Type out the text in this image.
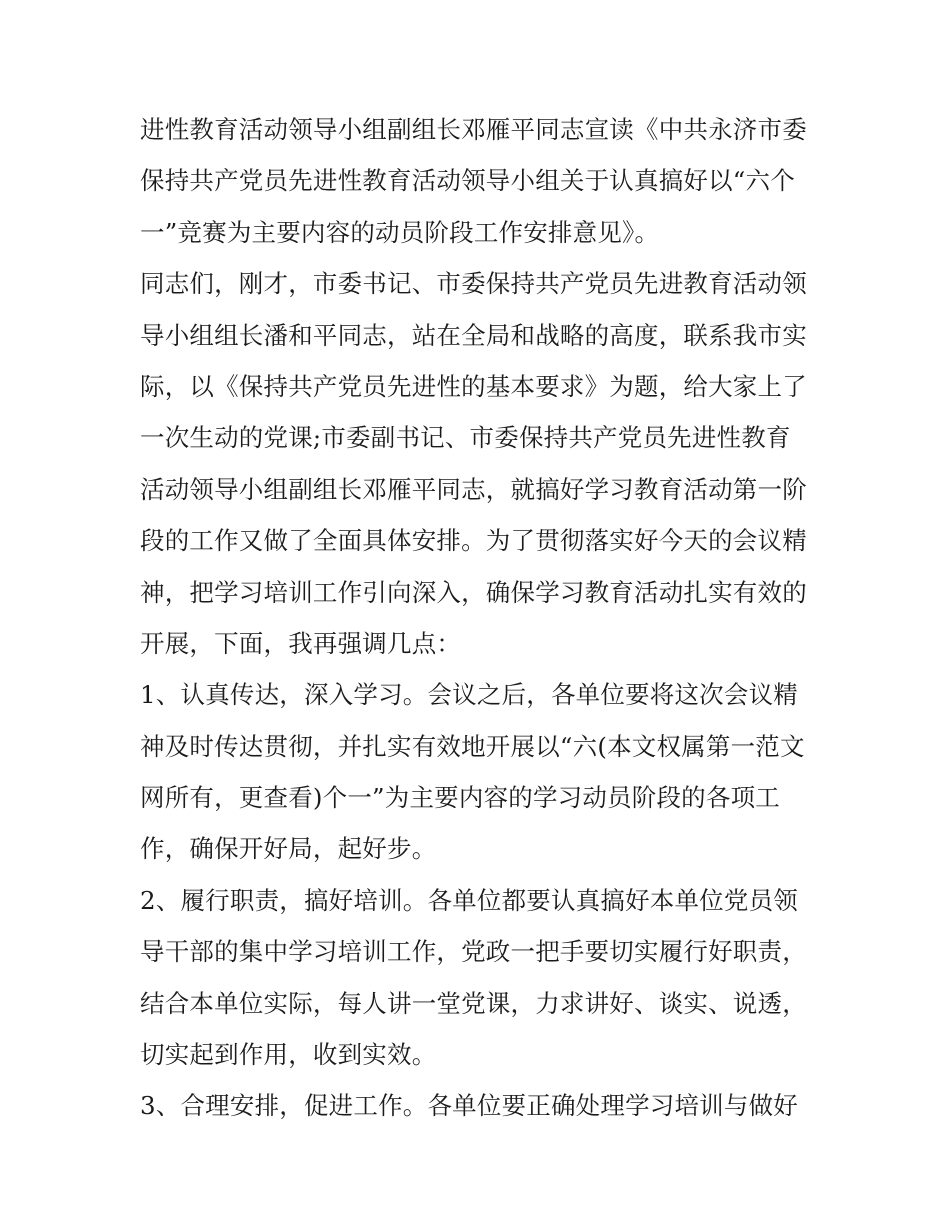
进性教育活动领导小组副组长邓雁平同志宣读《中共永济市委
保持共产党员先进性教育活动领导小组关于认真搞好以“六个
一”竞赛为主要内容的动员阶段工作安排意见》。
同志们，刚才，市委书记、市委保持共产党员先进教育活动领
导小组组长潘和平同志，站在全局和战略的高度，联系我市实
际，以《保持共产党员先进性的基本要求》为题，给大家上了
一次生动的党课;市委副书记、市委保持共产党员先进性教育
活动领导小组副组长邓雁平同志，就搞好学习教育活动第一阶
段的工作又做了全面具体安排。为了贯彻落实好今天的会议精
神，把学习培训工作引向深入，确保学习教育活动扎实有效的
开展，下面，我再强调几点：
1、认真传达，深入学习。会议之后，各单位要将这次会议精
神及时传达贯彻，并扎实有效地开展以“六(本文权属第一范文
网所有，更查看)个一”为主要内容的学习动员阶段的各项工
作，确保开好局，起好步。
2、履行职责，搞好培训。各单位都要认真搞好本单位党员领
导干部的集中学习培训工作，党政一把手要切实履行好职责，
结合本单位实际，每人讲一堂党课，力求讲好、谈实、说透，
切实起到作用，收到实效。
3、合理安排，促进工作。各单位要正确处理学习培训与做好
